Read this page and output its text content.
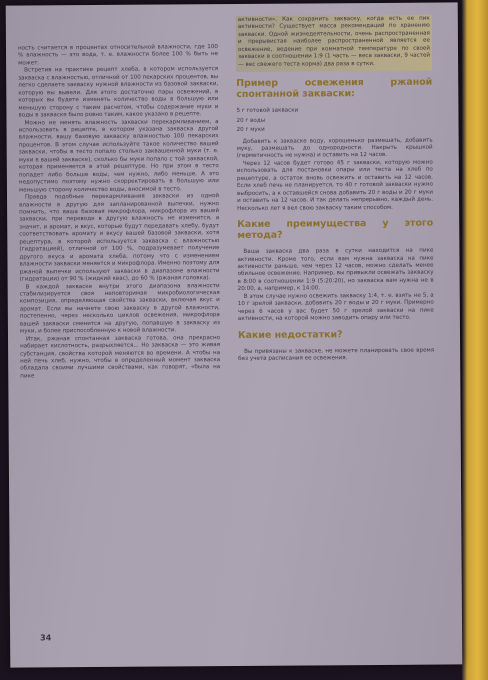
ность считается в процентах относительной влажности, где 100 % влажность — это вода, т. е. влажности более 100 % быть не может.

Встретив на практике рецепт хлеба, в котором используется закваска с влажностью, отличной от 100 пекарских процентов, вы легко сделаете закваску нужной влажности из базовой закваски, которую вы вывели. Для этого достаточно пары освежений, в которых вы будете изменять количество воды в большую или меньшую сторону с таким расчетом, чтобы содержание муки и воды в закваске было ровно таким, какое указано в рецепте.

Можно не менять влажность закваски перекармливанием, а использовать в рецепте, в котором указана закваска другой влажности, вашу базовую закваску влажностью 100 пекарских процентов. В этом случае используйте такое количество вашей закваски, чтобы в тесто попало столько заквашенной муки (т. е. муки в вашей закваске), сколько бы муки попало с той закваской, которая применяется в этой рецептуре. Но при этом в тесто попадет либо больше воды, чем нужно, либо меньше. А это недопустимо поэтому нужно скорректировать в большую или меньшую сторону количество воды, вносимой в тесто.

Правда подобные перекармливания закваски из одной влажности в другую для запланированной выпечки, нужно помнить, что ваша базовая микрофлора, микрофлора из вашей закваски, при переводе в другую влажность не изменится, а значит, и аромат, и вкус, которые будут передавать хлебу, будут соответствовать аромату и вкусу вашей базовой закваски, хотя рецептура, в которой используется закваска с влажностью (гидратацией), отличной от 100 %, подразумевает получение другого вкуса и аромата хлеба, потому что с изменением влажности закваски меняется и микрофлора. Именно поэтому для ржаной выпечки используют закваски в диапазоне влажности (гидратации) от 90 % (жидкий квас), до 60 % (ржаная головка).

В каждой закваске внутри этого диапазона влажности стабилизируется своя неповторимая микробиологическая композиция, определяющая свойства закваски, включая вкус и аромат. Если вы начнете свою закваску в другой влажности, постепенно, через несколько циклов освежения, микрофлора вашей закваски сменится на другую, попавшую в закваску из муки, и более приспособленную к новой влажности.

Итак, ржаная спонтанная закваска готова, она прекрасно набирает кислотность, разрыхляется... Но закваска — это живая субстанция, свойства которой меняются во времени. А чтобы на ней печь хлеб, нужно, чтобы в определенный момент закваска обладала своими лучшими свойствами, как говорят, «была на пике

активности». Как сохранить закваску, когда есть ее пик активности? Существует масса рекомендаций по хранению закваски. Одной жизнедеятельности, очень распространенная и прерывистая наиболее распространенной является ее освежение, ведение при комнатной температуре по своей закваски в соотношении 1:9 (1 часть — веса закваски, 9 частей — вес свежего теста корма) два раза в сутки.

Пример освежения ржаной спонтанной закваски:
5 г готовой закваски
20 г воды
20 г муки

Добавить к закваске воду, хорошенько размешать, добавить муку, размешать до однородности. Накрыть крышкой (герметичность не нужна) и оставить на 12 часов.

Через 12 часов будет готово 45 г закваски, которую можно использовать для постановки опары или теста на хлеб по рецептуре, а остаток вновь освежить и оставить на 12 часов. Если хлеб печь не планируется, то 40 г готовой закваски нужно выбросить, а к оставшейся снова добавить 20 г воды и 20 г муки и оставить на 12 часов. И так делать непрерывно, каждый день. Несколько лет я вел свою закваску таким способом.

Какие преимущества у этого метода?

Ваша закваска два раза в сутки находится на пике активности. Кроме того, если вам нужна закваска на пике активности раньше, чем через 12 часов, можно сделать менее обильное освежение. Например, вы привыкли освежать закваску в 8:00 в соотношении 1:9 (5:20:20), но закваска вам нужна не в 20:00, а, например, к 14:00.

В этом случае нужно освежить закваску 1:4, т. е. взять не 5, а 10 г зрелой закваски, добавить 20 г воды и 20 г муки. Примерно через 6 часов у вас будет 50 г зрелой закваски на пике активности, на которой можно заводить опару или тесто.

Какие недостатки?

Вы привязаны к закваске, не можете планировать свое время без учета расписания ее освежения.

34
